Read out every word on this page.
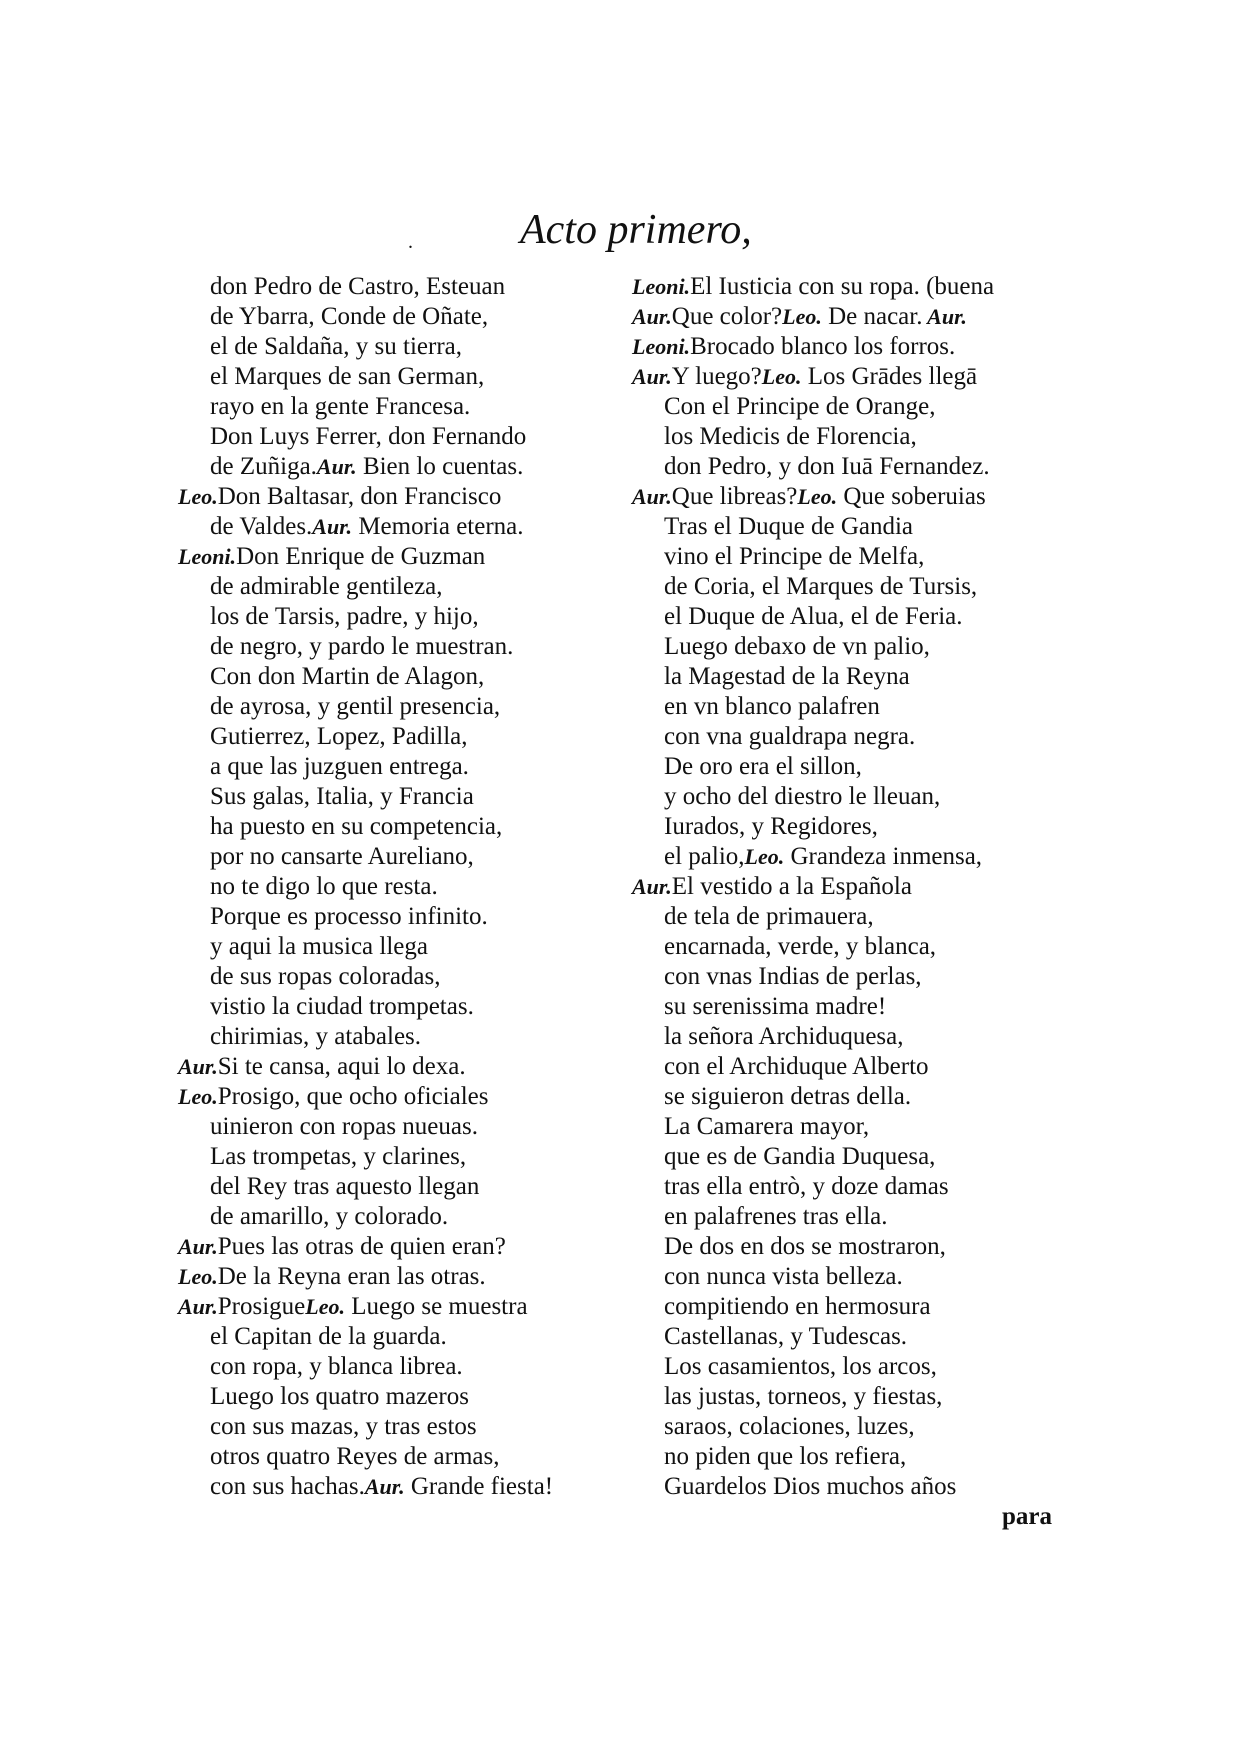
.	Acto primero,
don Pedro de Castro, Esteuan
de Ybarra, Conde de Oñate,
el de Saldaña, y su tierra,
el Marques de san German,
rayo en la gente Francesa.
Don Luys Ferrer, don Fernando
de Zuñiga.Aur. Bien lo cuentas.
Leo.Don Baltasar, don Francisco
de Valdes.Aur. Memoria eterna.
Leoni.Don Enrique de Guzman
de admirable gentileza,
los de Tarsis, padre, y hijo,
de negro, y pardo le muestran.
Con don Martin de Alagon,
de ayrosa, y gentil presencia,
Gutierrez, Lopez, Padilla,
a que las juzguen entrega.
Sus galas, Italia, y Francia
ha puesto en su competencia,
por no cansarte Aureliano,
no te digo lo que resta.
Porque es processo infinito.
y aqui la musica llega
de sus ropas coloradas,
vistio la ciudad trompetas.
chirimias, y atabales.
Aur.Si te cansa, aqui lo dexa.
Leo.Prosigo, que ocho oficiales
uinieron con ropas nueuas.
Las trompetas, y clarines,
del Rey tras aquesto llegan
de amarillo, y colorado.
Aur.Pues las otras de quien eran?
Leo.De la Reyna eran las otras.
Aur.ProsigueLeo. Luego se muestra
el Capitan de la guarda.
con ropa, y blanca librea.
Luego los quatro mazeros
con sus mazas, y tras estos
otros quatro Reyes de armas,
con sus hachas.Aur. Grande fiesta!
Leoni.El Iusticia con su ropa. (buena
Aur.Que color?Leo. De nacar. Aur.
Leoni.Brocado blanco los forros.
Aur.Y luego?Leo. Los Grādes llegā
Con el Principe de Orange,
los Medicis de Florencia,
don Pedro, y don Iuā Fernandez.
Aur.Que libreas?Leo. Que soberuias
Tras el Duque de Gandia
vino el Principe de Melfa,
de Coria, el Marques de Tursis,
el Duque de Alua, el de Feria.
Luego debaxo de vn palio,
la Magestad de la Reyna
en vn blanco palafren
con vna gualdrapa negra.
De oro era el sillon,
y ocho del diestro le lleuan,
Iurados, y Regidores,
el palio,Leo. Grandeza inmensa,
Aur.El vestido a la Española
de tela de primauera,
encarnada, verde, y blanca,
con vnas Indias de perlas,
su serenissima madre!
la señora Archiduquesa,
con el Archiduque Alberto
se siguieron detras della.
La Camarera mayor,
que es de Gandia Duquesa,
tras ella entrò, y doze damas
en palafrenes tras ella.
De dos en dos se mostraron,
con nunca vista belleza.
compitiendo en hermosura
Castellanas, y Tudescas.
Los casamientos, los arcos,
las justas, torneos, y fiestas,
saraos, colaciones, luzes,
no piden que los refiera,
Guardelos Dios muchos años
para
